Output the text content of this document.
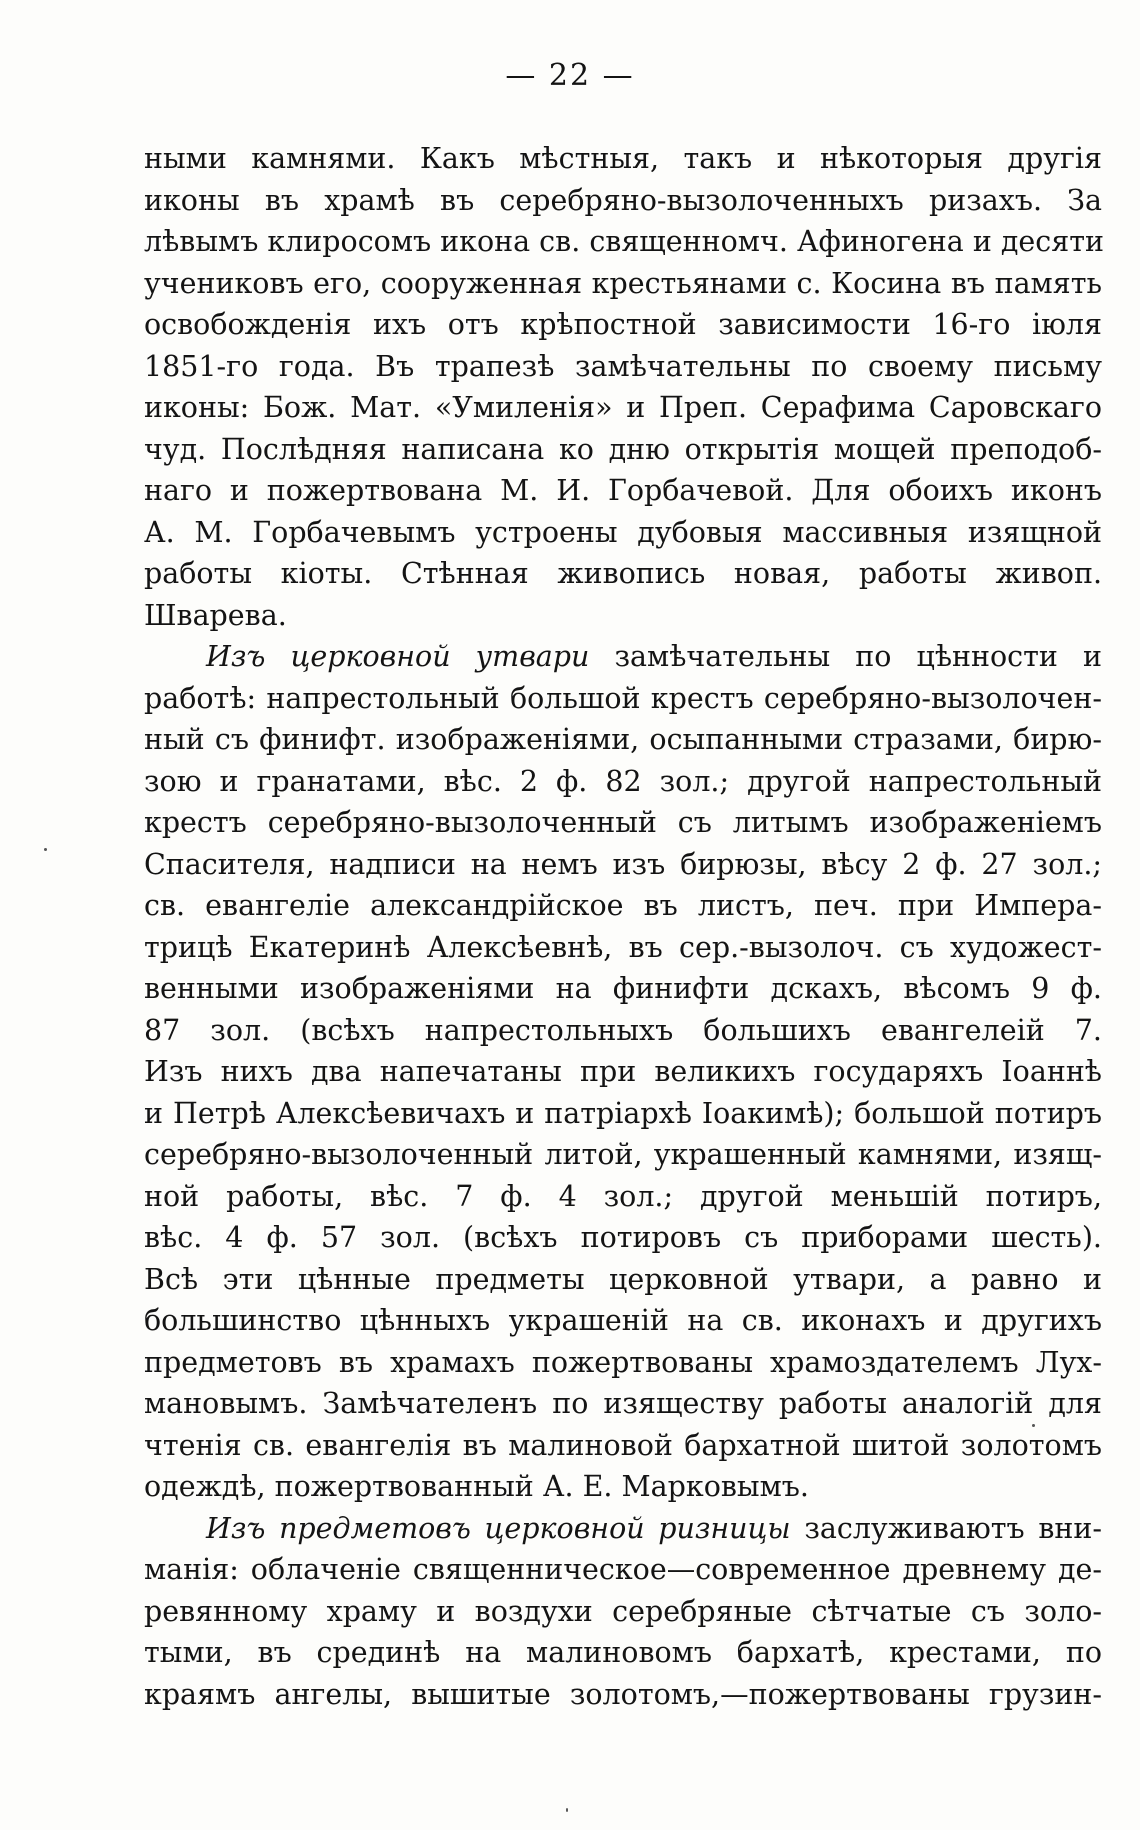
— 22 —
ными камнями. Какъ мѣстныя, такъ и нѣкоторыя другія
иконы въ храмѣ въ серебряно-вызолоченныхъ ризахъ. За
лѣвымъ клиросомъ икона св. священномч. Афиногена и десяти
учениковъ его, сооруженная крестьянами с. Косина въ память
освобожденія ихъ отъ крѣпостной зависимости 16-го іюля
1851-го года. Въ трапезѣ замѣчательны по своему письму
иконы: Бож. Мат. «Умиленія» и Преп. Серафима Саровскаго
чуд. Послѣдняя написана ко дню открытія мощей преподоб-
наго и пожертвована М. И. Горбачевой. Для обоихъ иконъ
А. М. Горбачевымъ устроены дубовыя массивныя изящной
работы кіоты. Стѣнная живопись новая, работы живоп.
Шварева.
Изъ церковной утвари замѣчательны по цѣнности и
работѣ: напрестольный большой крестъ серебряно-вызолочен-
ный съ финифт. изображеніями, осыпанными стразами, бирю-
зою и гранатами, вѣс. 2 ф. 82 зол.; другой напрестольный
крестъ серебряно-вызолоченный съ литымъ изображеніемъ
Спасителя, надписи на немъ изъ бирюзы, вѣсу 2 ф. 27 зол.;
св. евангеліе александрійское въ листъ, печ. при Импера-
трицѣ Екатеринѣ Алексѣевнѣ, въ сер.-вызолоч. съ художест-
венными изображеніями на финифти дскахъ, вѣсомъ 9 ф.
87 зол. (всѣхъ напрестольныхъ большихъ евангелеій 7.
Изъ нихъ два напечатаны при великихъ государяхъ Іоаннѣ
и Петрѣ Алексѣевичахъ и патріархѣ Іоакимѣ); большой потиръ
серебряно-вызолоченный литой, украшенный камнями, изящ-
ной работы, вѣс. 7 ф. 4 зол.; другой меньшій потиръ,
вѣс. 4 ф. 57 зол. (всѣхъ потировъ съ приборами шесть).
Всѣ эти цѣнные предметы церковной утвари, а равно и
большинство цѣнныхъ украшеній на св. иконахъ и другихъ
предметовъ въ храмахъ пожертвованы храмоздателемъ Лух-
мановымъ. Замѣчателенъ по изяществу работы аналогій для
чтенія св. евангелія въ малиновой бархатной шитой золотомъ
одеждѣ, пожертвованный А. Е. Марковымъ.
Изъ предметовъ церковной ризницы заслуживаютъ вни-
манія: облаченіе священническое—современное древнему де-
ревянному храму и воздухи серебряные сѣтчатые съ золо-
тыми, въ срединѣ на малиновомъ бархатѣ, крестами, по
краямъ ангелы, вышитые золотомъ,—пожертвованы грузин-
